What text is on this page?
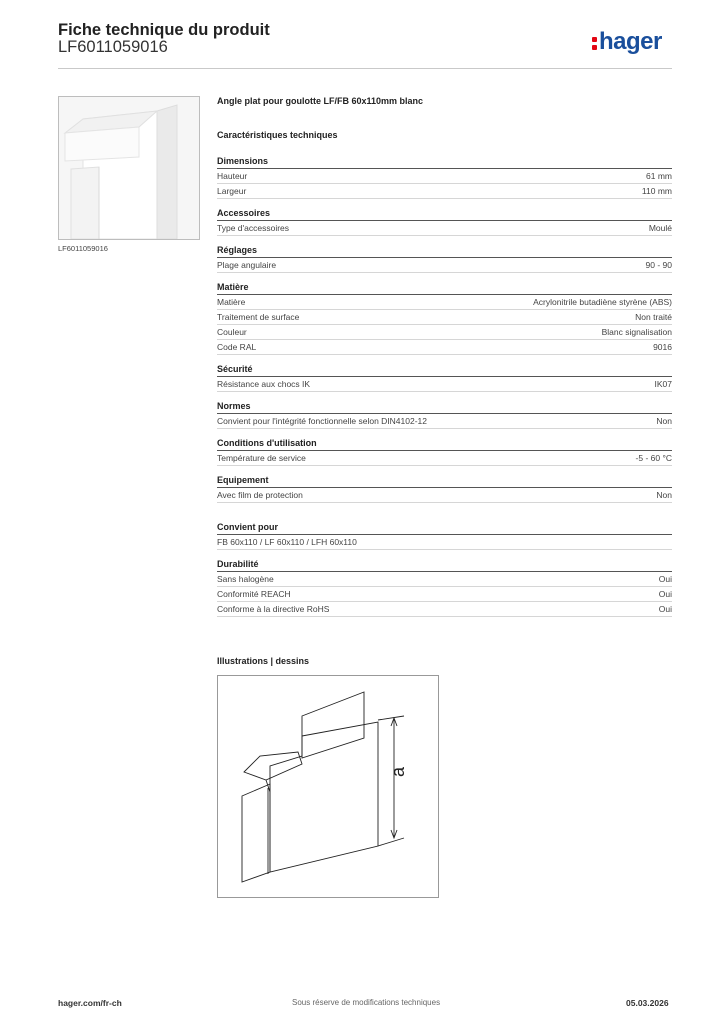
Fiche technique du produit
LF6011059016	hager
LF6011059016
Angle plat pour goulotte LF/FB 60x110mm blanc
Caractéristiques techniques
Dimensions
Hauteur	61 mm
Largeur	110 mm
Accessoires
Type d'accessoires	Moulé
Réglages
Plage angulaire	90 - 90
Matière
Matière	Acrylonitrile butadiène styrène (ABS)
Traitement de surface	Non traité
Couleur	Blanc signalisation
Code RAL	9016
Sécurité
Résistance aux chocs IK	IK07
Normes
Convient pour l'intégrité fonctionnelle selon DIN4102-12	Non
Conditions d'utilisation
Température de service	-5 - 60 °C
Equipement
Avec film de protection	Non
Convient pour
FB 60x110 / LF 60x110 / LFH 60x110
Durabilité
Sans halogène	Oui
Conformité REACH	Oui
Conforme à la directive RoHS	Oui
Illustrations | dessins
a
hager.com/fr-ch	Sous réserve de modifications techniques	05.03.2026
